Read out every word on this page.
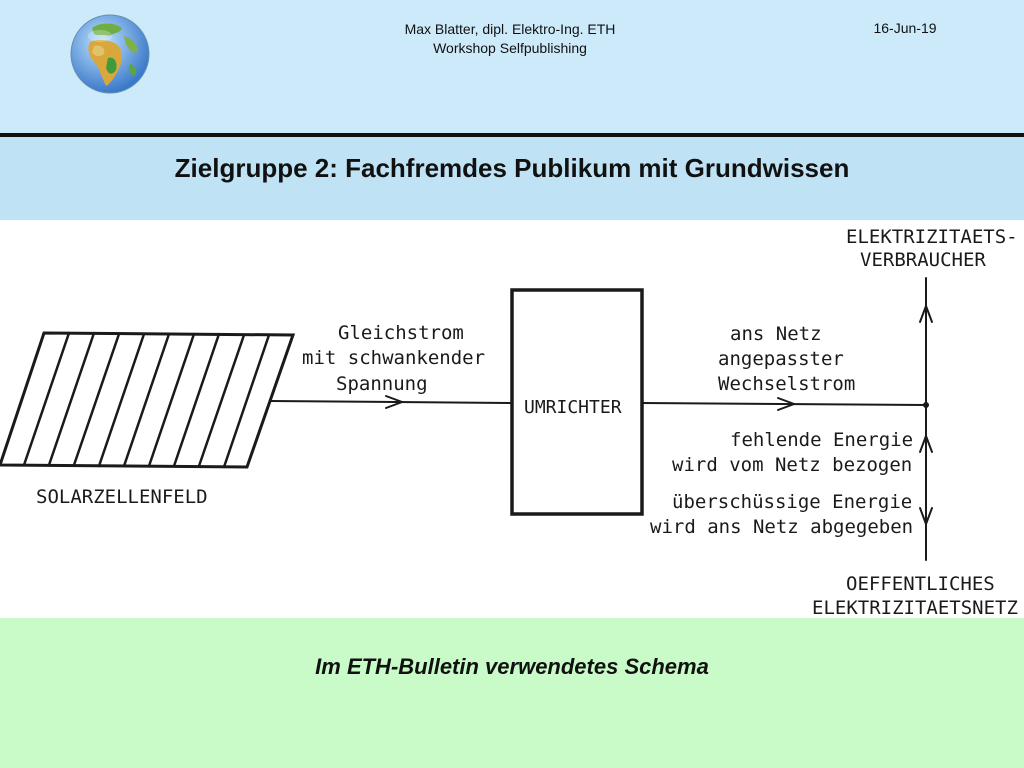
Max Blatter, dipl. Elektro-Ing. ETH
Workshop Selfpublishing
16-Jun-19
Zielgruppe 2: Fachfremdes Publikum mit Grundwissen
SOLARZELLENFELD
Gleichstrom
mit schwankender
Spannung
UMRICHTER
ans Netz
angepasster
Wechselstrom
ELEKTRIZITAETS-
VERBRAUCHER
fehlende Energie
wird vom Netz bezogen
überschüssige Energie
wird ans Netz abgegeben
OEFFENTLICHES
ELEKTRIZITAETSNETZ
Im ETH-Bulletin verwendetes Schema
